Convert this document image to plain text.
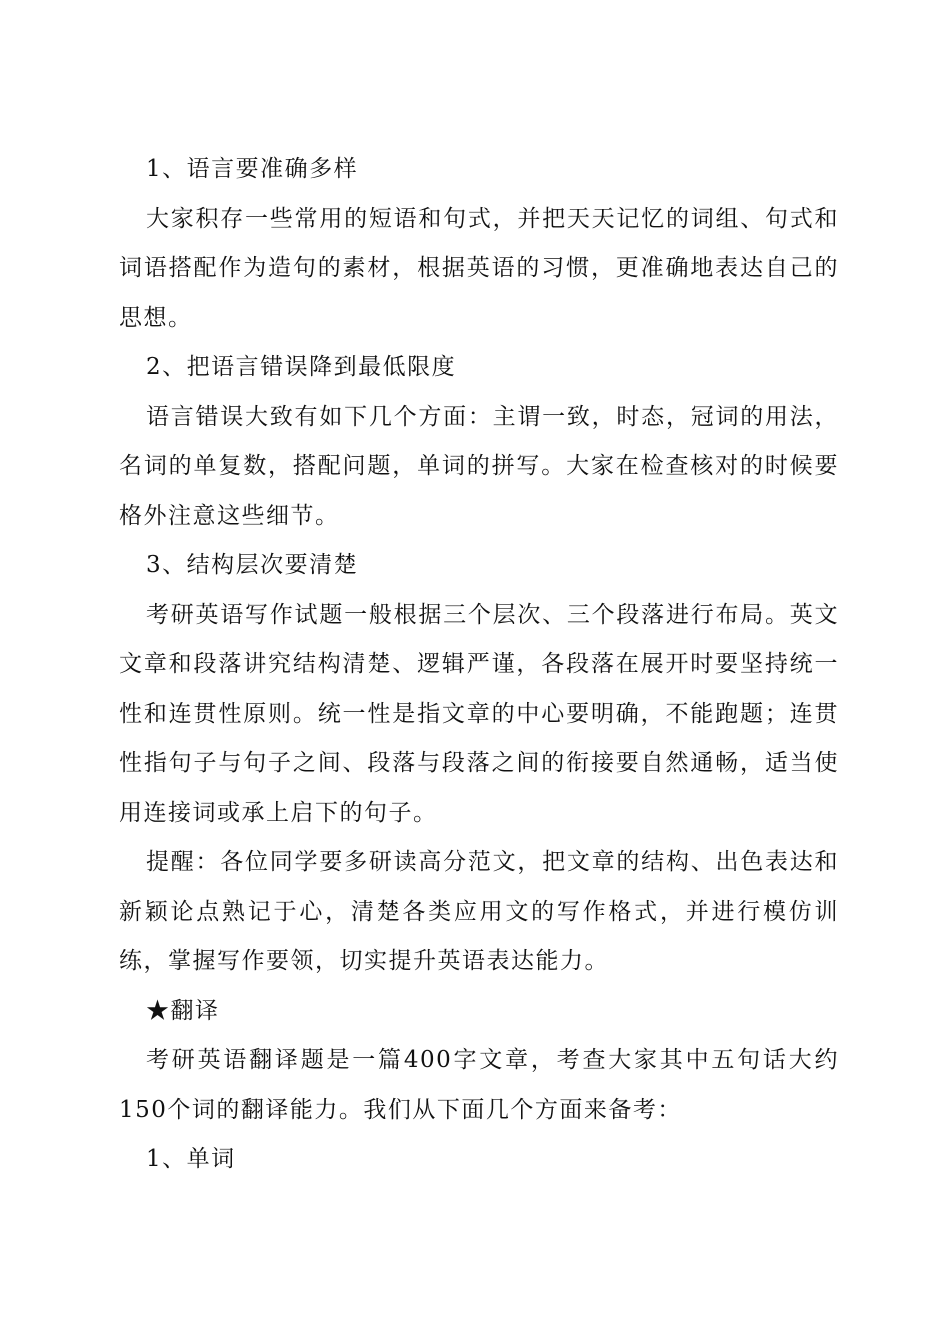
1、语言要准确多样

大家积存一些常用的短语和句式，并把天天记忆的词组、句式和词语搭配作为造句的素材，根据英语的习惯，更准确地表达自己的思想。

2、把语言错误降到最低限度

语言错误大致有如下几个方面：主谓一致，时态，冠词的用法，名词的单复数，搭配问题，单词的拼写。大家在检查核对的时候要格外注意这些细节。

3、结构层次要清楚

考研英语写作试题一般根据三个层次、三个段落进行布局。英文文章和段落讲究结构清楚、逻辑严谨，各段落在展开时要坚持统一性和连贯性原则。统一性是指文章的中心要明确，不能跑题；连贯性指句子与句子之间、段落与段落之间的衔接要自然通畅，适当使用连接词或承上启下的句子。

提醒：各位同学要多研读高分范文，把文章的结构、出色表达和新颖论点熟记于心，清楚各类应用文的写作格式，并进行模仿训练，掌握写作要领，切实提升英语表达能力。

★翻译

考研英语翻译题是一篇400字文章，考查大家其中五句话大约150个词的翻译能力。我们从下面几个方面来备考：

1、单词
